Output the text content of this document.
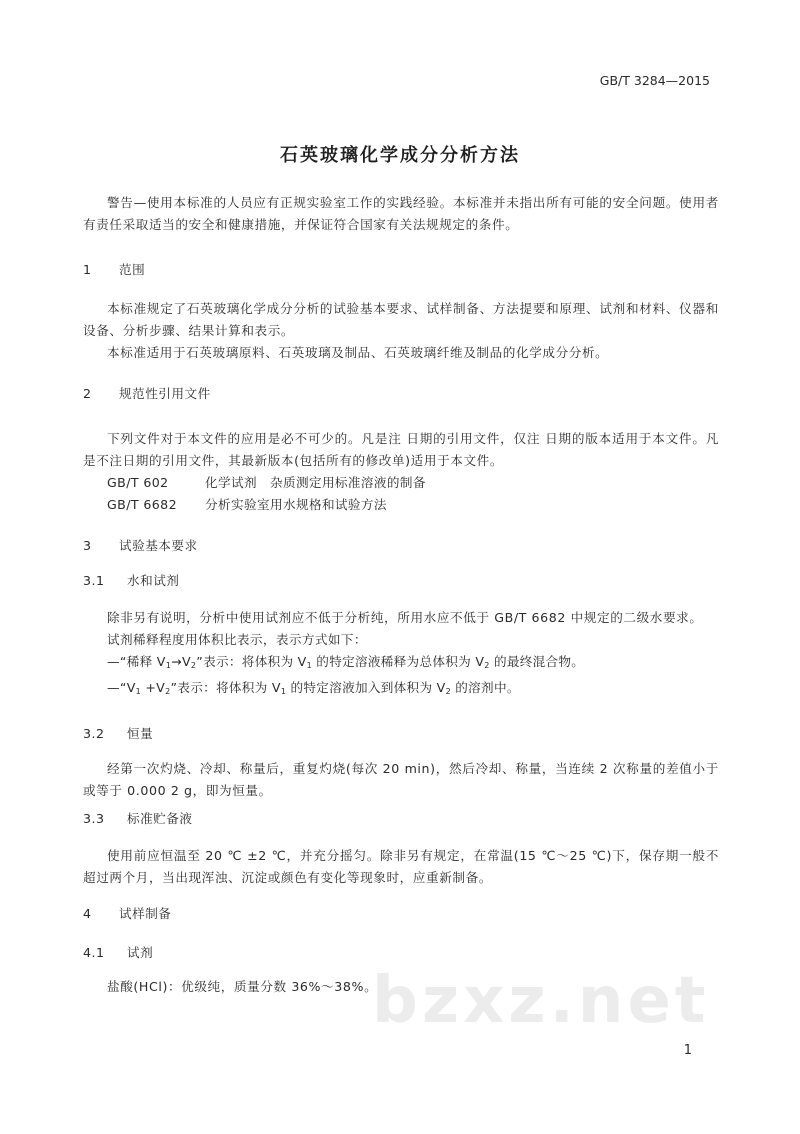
GB/T 3284—2015
石英玻璃化学成分分析方法

警告—使用本标准的人员应有正规实验室工作的实践经验。本标准并未指出所有可能的安全问题。使用者有责任采取适当的安全和健康措施，并保证符合国家有关法规规定的条件。

1 范围

本标准规定了石英玻璃化学成分分析的试验基本要求、试样制备、方法提要和原理、试剂和材料、仪器和设备、分析步骤、结果计算和表示。

本标准适用于石英玻璃原料、石英玻璃及制品、石英玻璃纤维及制品的化学成分分析。

2 规范性引用文件

下列文件对于本文件的应用是必不可少的。凡是注 日期的引用文件，仅注 日期的版本适用于本文件。凡是不注日期的引用文件，其最新版本(包括所有的修改单)适用于本文件。

GB/T 602	化学试剂　杂质测定用标准溶液的制备

GB/T 6682 分析实验室用水规格和试验方法

3 试验基本要求
3.1 水和试剂

除非另有说明，分析中使用试剂应不低于分析纯，所用水应不低于 GB/T 6682 中规定的二级水要求。

试剂稀释程度用体积比表示，表示方式如下：

—“稀释 $V_1\to V_2$”表示：将体积为 $V_1$ 的特定溶液稀释为总体积为 $V_2$ 的最终混合物。

$—“V_1 +V_2$”表示：将体积为 $V_1$ 的特定溶液加入到体积为 $V_2$ 的溶剂中。

3.2 恒量

经第一次灼烧、冷却、称量后，重复灼烧(每次 20 min)，然后冷却、称量，当连续 2 次称量的差值小于或等于 0.000 2 g，即为恒量。

3.3 标准贮备液

使用前应恒温至 20 ℃ ±2 ℃，并充分摇匀。除非另有规定，在常温(15 ℃～25 ℃)下，保存期一般不超过两个月，当出现浑浊、沉淀或颜色有变化等现象时，应重新制备。

4 试样制备
4.1 试剂

盐酸(HCl)：优级纯，质量分数 36%～38%。

bzxz.net
1
